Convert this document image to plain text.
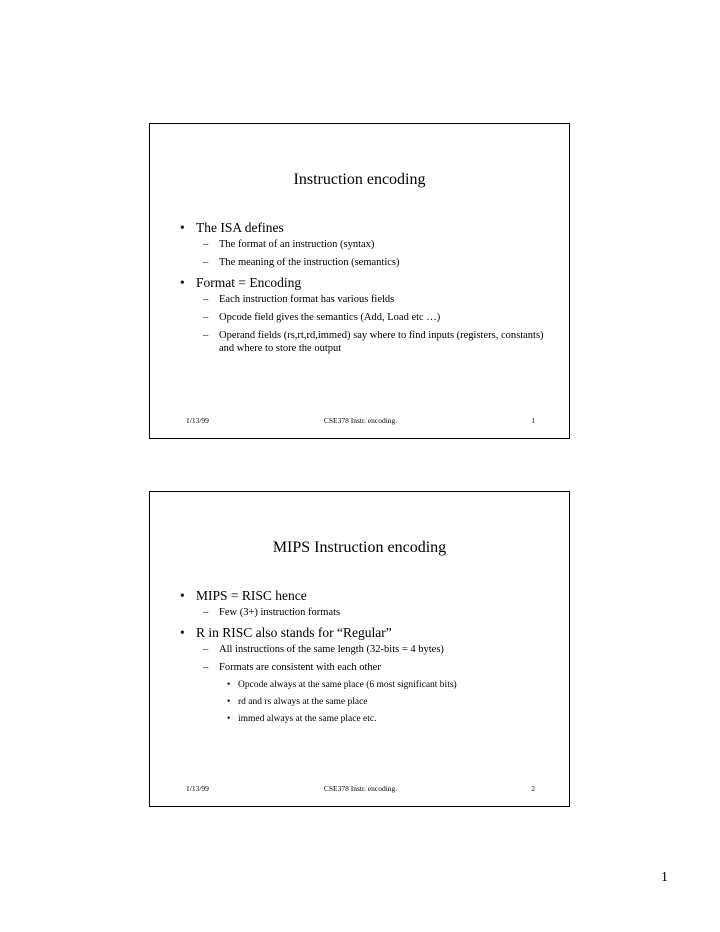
Instruction encoding
• The ISA defines
– The format of an instruction (syntax)
– The meaning of the instruction (semantics)
• Format = Encoding
– Each instruction format has various fields
– Opcode field gives the semantics (Add, Load etc …)
– Operand fields (rs,rt,rd,immed) say where to find inputs (registers, constants) and where to store the output
1/13/99	CSE378 Instr. encoding.	1
MIPS Instruction encoding
• MIPS = RISC hence
– Few (3+) instruction formats
• R in RISC also stands for “Regular”
– All instructions of the same length (32-bits = 4 bytes)
– Formats are consistent with each other
• Opcode always at the same place (6 most significant bits)
• rd and rs always at the same place
• immed always at the same place etc.
1/13/99	CSE378 Instr. encoding.	2
1
